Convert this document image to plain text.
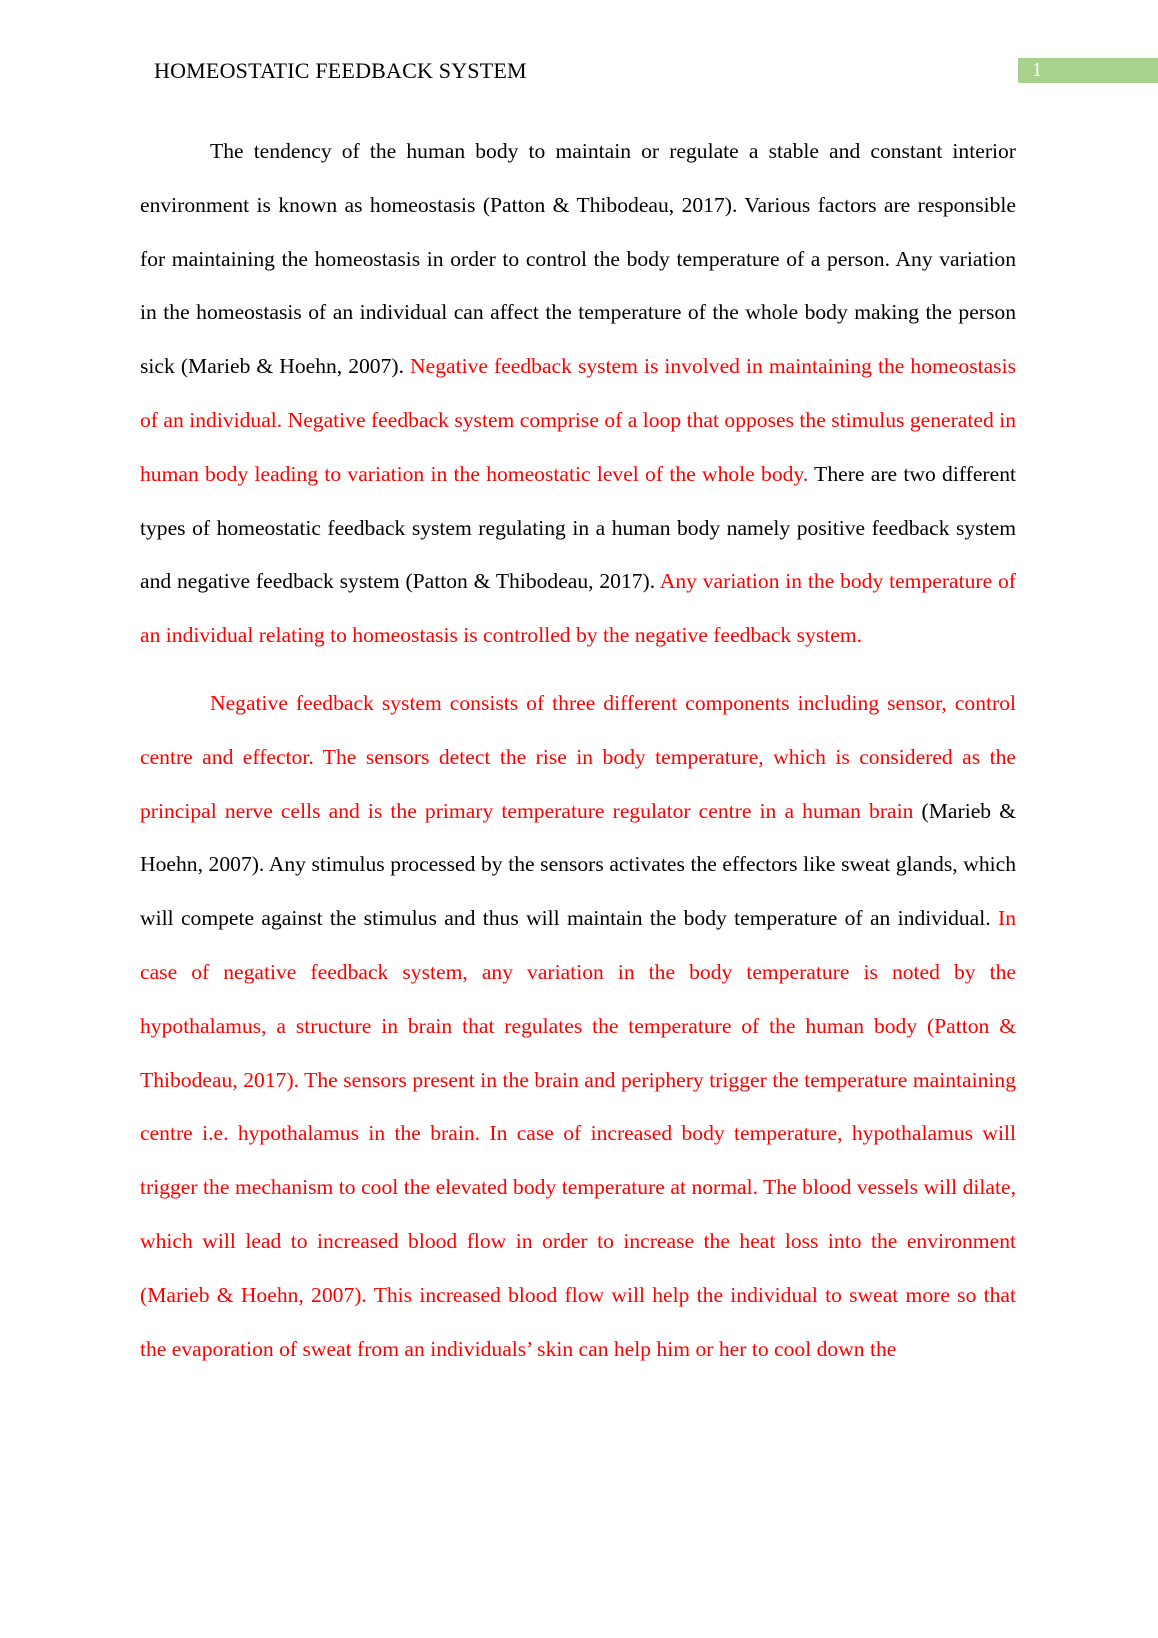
HOMEOSTATIC FEEDBACK SYSTEM	1

The tendency of the human body to maintain or regulate a stable and constant interior environment is known as homeostasis (Patton & Thibodeau, 2017). Various factors are responsible for maintaining the homeostasis in order to control the body temperature of a person. Any variation in the homeostasis of an individual can affect the temperature of the whole body making the person sick (Marieb & Hoehn, 2007). Negative feedback system is involved in maintaining the homeostasis of an individual. Negative feedback system comprise of a loop that opposes the stimulus generated in human body leading to variation in the homeostatic level of the whole body. There are two different types of homeostatic feedback system regulating in a human body namely positive feedback system and negative feedback system (Patton & Thibodeau, 2017). Any variation in the body temperature of an individual relating to homeostasis is controlled by the negative feedback system.

Negative feedback system consists of three different components including sensor, control centre and effector. The sensors detect the rise in body temperature, which is considered as the principal nerve cells and is the primary temperature regulator centre in a human brain (Marieb & Hoehn, 2007). Any stimulus processed by the sensors activates the effectors like sweat glands, which will compete against the stimulus and thus will maintain the body temperature of an individual. In case of negative feedback system, any variation in the body temperature is noted by the hypothalamus, a structure in brain that regulates the temperature of the human body (Patton & Thibodeau, 2017). The sensors present in the brain and periphery trigger the temperature maintaining centre i.e. hypothalamus in the brain. In case of increased body temperature, hypothalamus will trigger the mechanism to cool the elevated body temperature at normal. The blood vessels will dilate, which will lead to increased blood flow in order to increase the heat loss into the environment (Marieb & Hoehn, 2007). This increased blood flow will help the individual to sweat more so that the evaporation of sweat from an individuals’ skin can help him or her to cool down the
